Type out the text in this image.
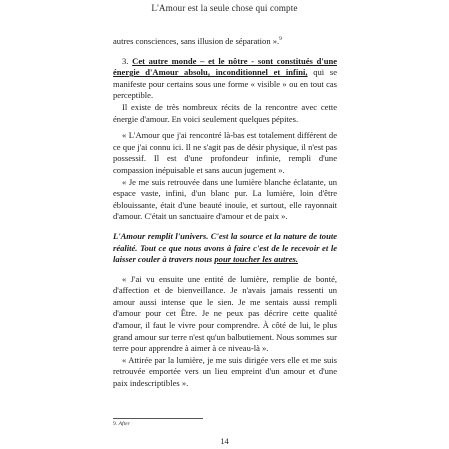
L'Amour est la seule chose qui compte

autres consciences, sans illusion de séparation ».$^9$

3. Cet autre monde – et le nôtre - sont constitués d'une énergie d'Amour absolu, inconditionnel et infini, qui se manifeste pour certains sous une forme « visible » ou en tout cas perceptible.

Il existe de très nombreux récits de la rencontre avec cette énergie d'amour. En voici seulement quelques pépites.

« L'Amour que j'ai rencontré là-bas est totalement différent de ce que j'ai connu ici. Il ne s'agit pas de désir physique, il n'est pas possessif. Il est d'une profondeur infinie, rempli d'une compassion inépuisable et sans aucun jugement ».

« Je me suis retrouvée dans une lumière blanche éclatante, un espace vaste, infini, d'un blanc pur. La lumière, loin d'être éblouissante, était d'une beauté inouïe, et surtout, elle rayonnait d'amour. C'était un sanctuaire d'amour et de paix ».

L'Amour remplit l'univers. C'est la source et la nature de toute réalité. Tout ce que nous avons à faire c'est de le recevoir et le laisser couler à travers nous pour toucher les autres.

« J'ai vu ensuite une entité de lumière, remplie de bonté, d'affection et de bienveillance. Je n'avais jamais ressenti un amour aussi intense que le sien. Je me sentais aussi rempli d'amour pour cet Être. Je ne peux pas décrire cette qualité d'amour, il faut le vivre pour comprendre. À côté de lui, le plus grand amour sur terre n'est qu'un balbutiement. Nous sommes sur terre pour apprendre à aimer à ce niveau-là ».

« Attirée par la lumière, je me suis dirigée vers elle et me suis retrouvée emportée vers un lieu empreint d'un amour et d'une paix indescriptibles ».

9. After
14
